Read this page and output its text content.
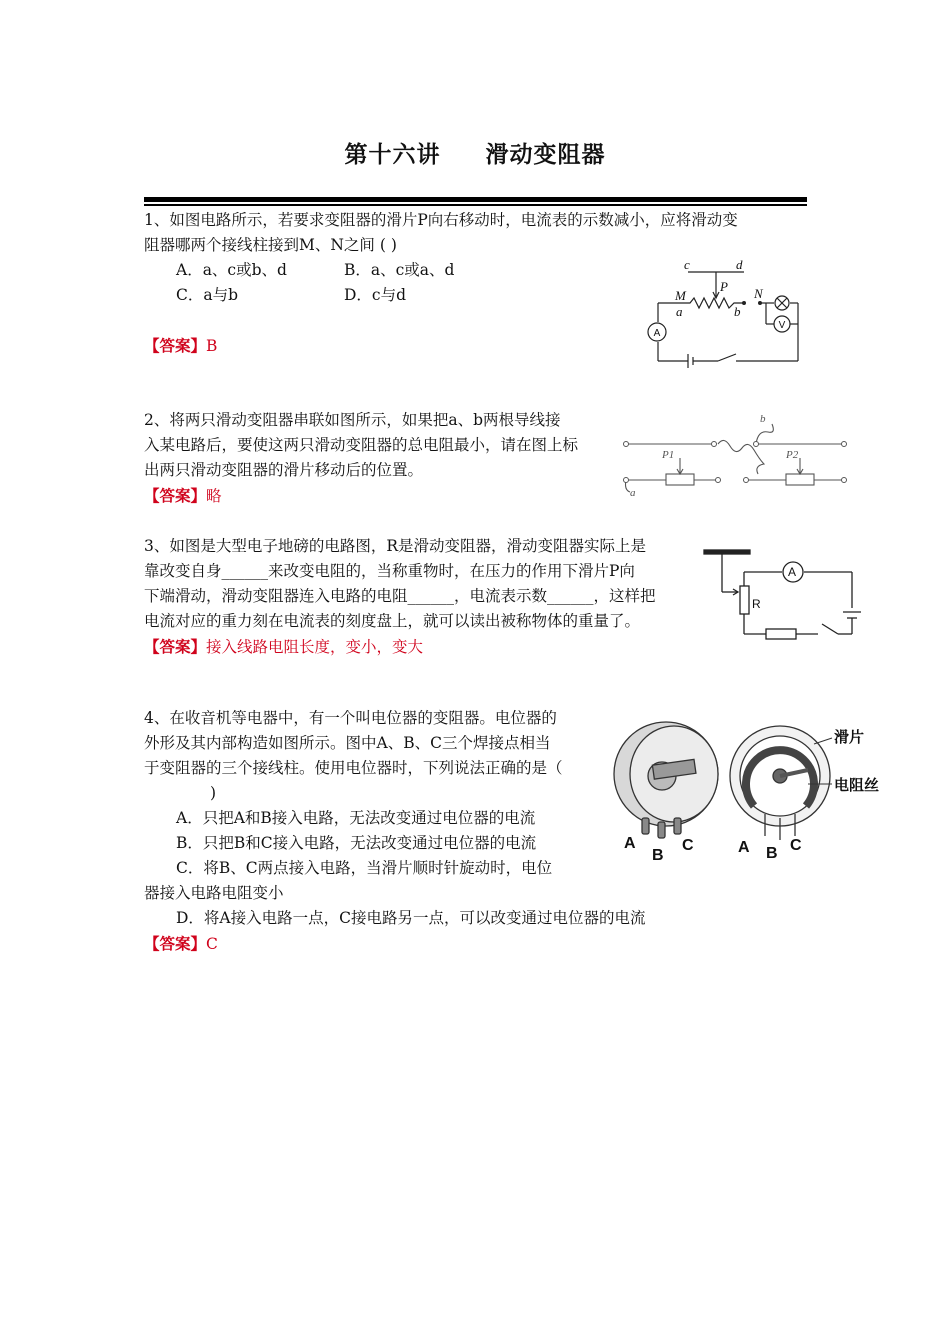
第十六讲     滑动变阻器
1、如图电路所示，若要求变阻器的滑片P向右移动时，电流表的示数减小，应将滑动变
阻器哪两个接线柱接到M、N之间 ( )
A．a、c或b、d	B．a、c或a、d
C．a与b	D．c与d
【答案】B
c	d
P
M	N
a	b
A
V
2、将两只滑动变阻器串联如图所示，如果把a、b两根导线接
入某电路后，要使这两只滑动变阻器的总电阻最小，请在图上标
出两只滑动变阻器的滑片移动后的位置。
【答案】略
P1	P2
a
b
3、如图是大型电子地磅的电路图，R是滑动变阻器，滑动变阻器实际上是
靠改变自身______来改变电阻的，当称重物时，在压力的作用下滑片P向
下端滑动，滑动变阻器连入电路的电阻______，电流表示数______，这样把
电流对应的重力刻在电流表的刻度盘上，就可以读出被称物体的重量了。
【答案】接入线路电阻长度，变小，变大
A
R
4、在收音机等电器中，有一个叫电位器的变阻器。电位器的
外形及其内部构造如图所示。图中A、B、C三个焊接点相当
于变阻器的三个接线柱。使用电位器时，下列说法正确的是（
)
A．只把A和B接入电路，无法改变通过电位器的电流
B．只把B和C接入电路，无法改变通过电位器的电流
C．将B、C两点接入电路，当滑片顺时针旋动时，电位
器接入电路电阻变小
D．将A接入电路一点，C接电路另一点，可以改变通过电位器的电流
【答案】C
滑片
电阻丝
A
B
C	A B C
